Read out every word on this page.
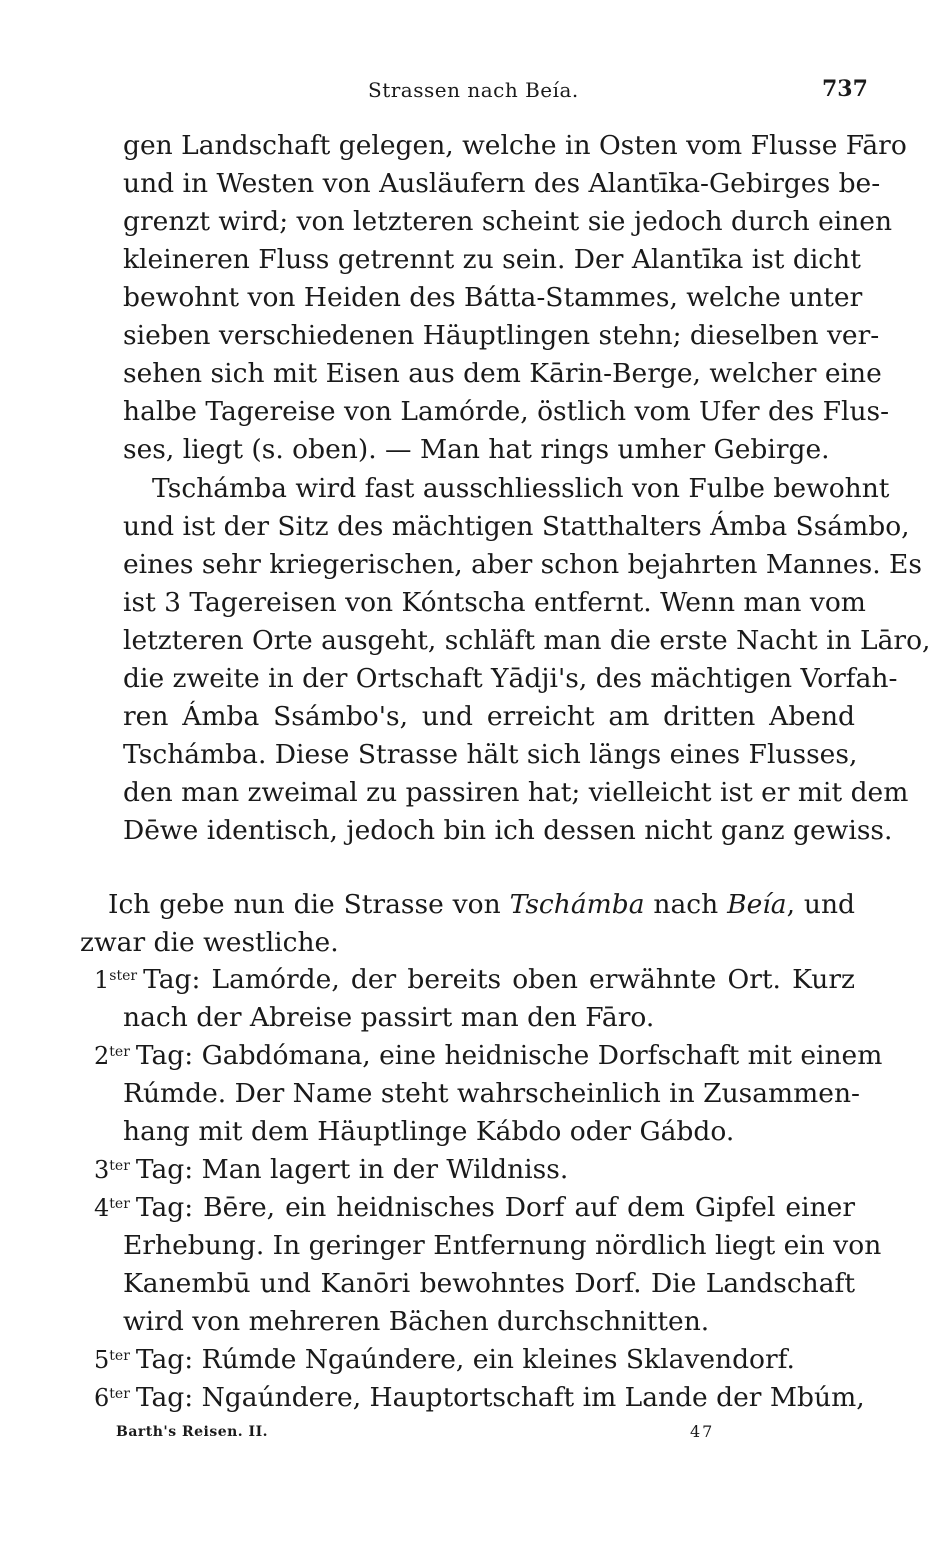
Strassen nach Beía.	737
gen Landschaft gelegen, welche in Osten vom Flusse Fāro
und in Westen von Ausläufern des Alantīka-Gebirges be-
grenzt wird; von letzteren scheint sie jedoch durch einen
kleineren Fluss getrennt zu sein. Der Alantīka ist dicht
bewohnt von Heiden des Bátta-Stammes, welche unter
sieben verschiedenen Häuptlingen stehn; dieselben ver-
sehen sich mit Eisen aus dem Kārin-Berge, welcher eine
halbe Tagereise von Lamórde, östlich vom Ufer des Flus-
ses, liegt (s. oben). — Man hat rings umher Gebirge.
Tschámba wird fast ausschliesslich von Fulbe bewohnt
und ist der Sitz des mächtigen Statthalters Ámba Ssámbo,
eines sehr kriegerischen, aber schon bejahrten Mannes. Es
ist 3 Tagereisen von Kóntscha entfernt. Wenn man vom
letzteren Orte ausgeht, schläft man die erste Nacht in Lāro,
die zweite in der Ortschaft Yādji's, des mächtigen Vorfah-
ren Ámba Ssámbo's, und erreicht am dritten Abend
Tschámba. Diese Strasse hält sich längs eines Flusses,
den man zweimal zu passiren hat; vielleicht ist er mit dem
Dēwe identisch, jedoch bin ich dessen nicht ganz gewiss.
Ich gebe nun die Strasse von Tschámba nach Beía, und
zwar die westliche.
$1^{ster}$ Tag: Lamórde, der bereits oben erwähnte Ort. Kurz
nach der Abreise passirt man den Fāro.
$2^{ter}$ Tag: Gabdómana, eine heidnische Dorfschaft mit einem
Rúmde. Der Name steht wahrscheinlich in Zusammen-
hang mit dem Häuptlinge Kábdo oder Gábdo.
$3^{ter}$ Tag: Man lagert in der Wildniss.
$4^{ter}$ Tag: Bēre, ein heidnisches Dorf auf dem Gipfel einer
Erhebung. In geringer Entfernung nördlich liegt ein von
Kanembū und Kanōri bewohntes Dorf. Die Landschaft
wird von mehreren Bächen durchschnitten.
$5^{ter}$ Tag: Rúmde Ngaúndere, ein kleines Sklavendorf.
$6^{ter}$ Tag: Ngaúndere, Hauptortschaft im Lande der Mbúm,
Barth's Reisen. II.	47
